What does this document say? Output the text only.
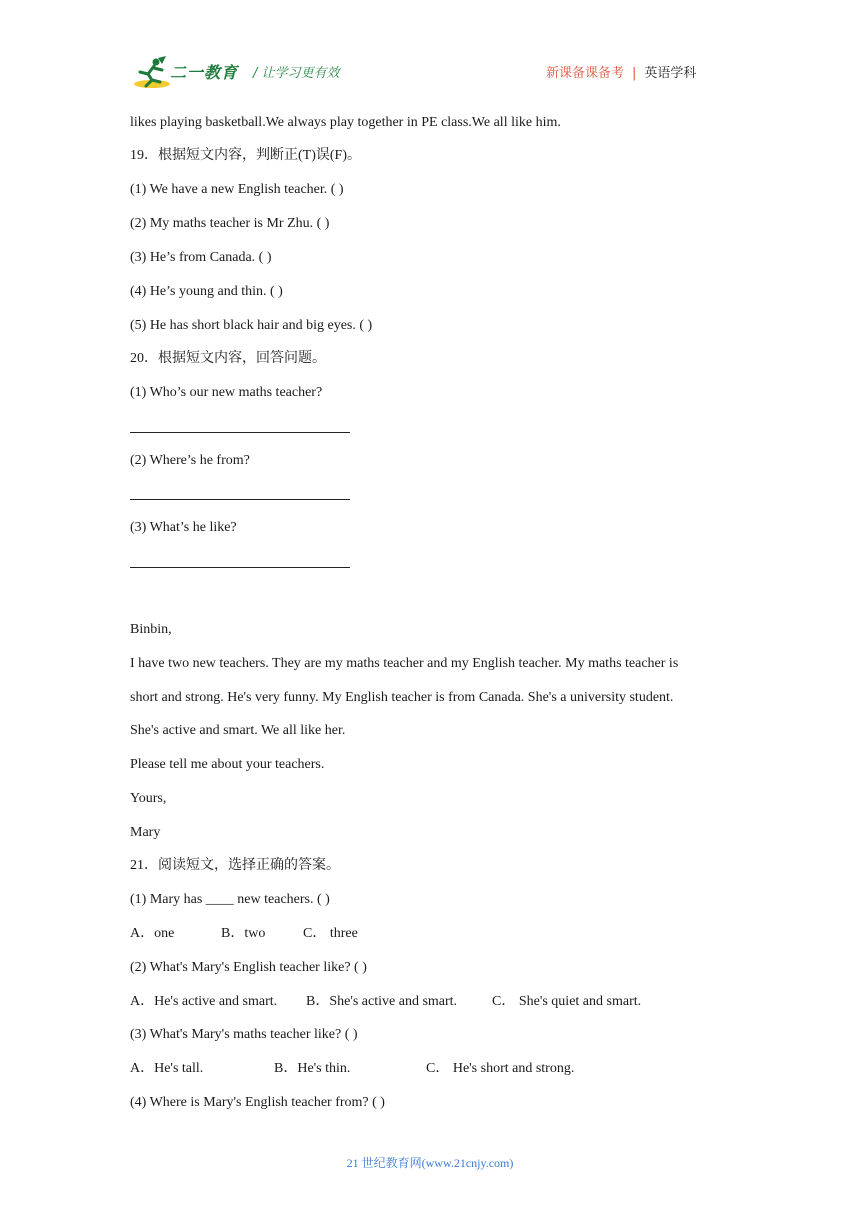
二一教育 / 让学习更有效	新课备课备考 | 英语学科
likes playing basketball.We always play together in PE class.We all like him.
19．根据短文内容，判断正(T)误(F)。
(1) We have a new English teacher. ( )
(2) My maths teacher is Mr Zhu. ( )
(3) He’s from Canada. ( )
(4) He’s young and thin. ( )
(5) He has short black hair and big eyes. ( )
20．根据短文内容，回答问题。
(1) Who’s our new maths teacher?
(2) Where’s he from?
(3) What’s he like?
Binbin,
I have two new teachers. They are my maths teacher and my English teacher. My maths teacher is
short and strong. He's very funny. My English teacher is from Canada. She's a university student.
She's active and smart. We all like her.
Please tell me about your teachers.
Yours,
Mary
21．阅读短文，选择正确的答案。
(1) Mary has ____ new teachers. ( )
A．one	B．two	C． three
(2) What's Mary's English teacher like? ( )
A．He's active and smart. B．She's active and smart. C． She's quiet and smart.
(3) What's Mary's maths teacher like? ( )
A．He's tall.	B．He's thin.	C． He's short and strong.
(4) Where is Mary's English teacher from? ( )
21 世纪教育网(www.21cnjy.com)
